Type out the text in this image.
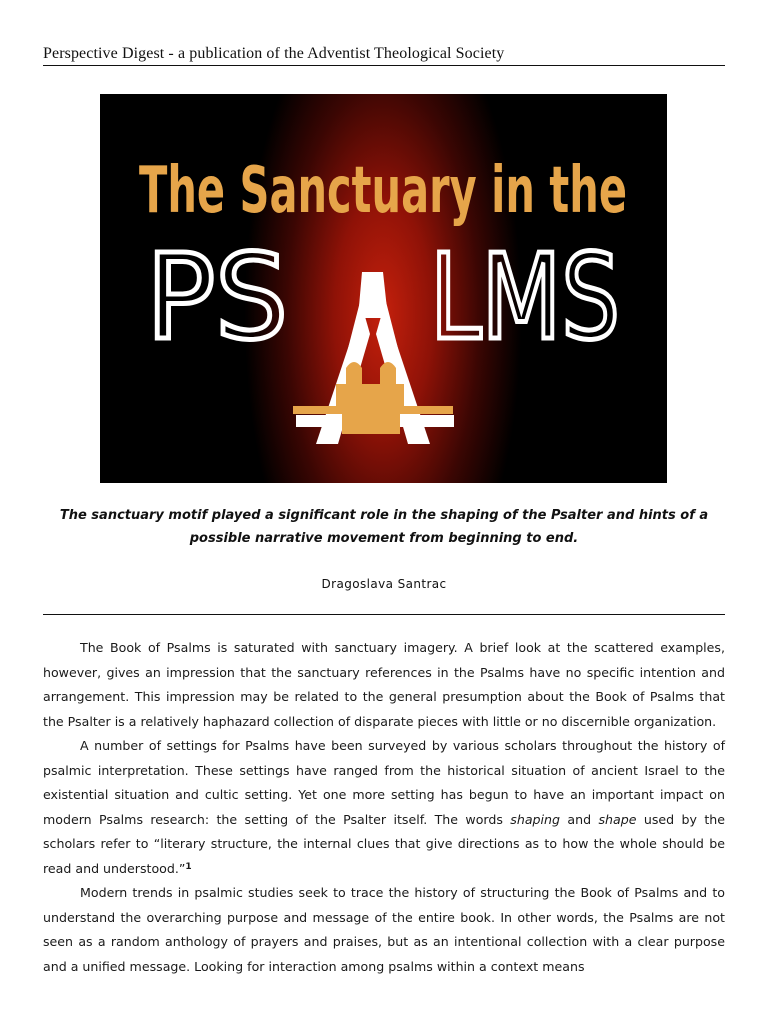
Perspective Digest - a publication of the Adventist Theological Society
The Sanctuary in the
PS LMS
The sanctuary motif played a significant role in the shaping of the Psalter and hints of a possible narrative movement from beginning to end.
Dragoslava Santrac

The Book of Psalms is saturated with sanctuary imagery. A brief look at the scattered examples, however, gives an impression that the sanctuary references in the Psalms have no specific intention and arrangement. This impression may be related to the general presumption about the Book of Psalms that the Psalter is a relatively haphazard collection of disparate pieces with little or no discernible organization.

A number of settings for Psalms have been surveyed by various scholars throughout the history of psalmic interpretation. These settings have ranged from the historical situation of ancient Israel to the existential situation and cultic setting. Yet one more setting has begun to have an important impact on modern Psalms research: the setting of the Psalter itself. The words shaping and shape used by the scholars refer to “literary structure, the internal clues that give directions as to how the whole should be read and understood.”$^1$

Modern trends in psalmic studies seek to trace the history of structuring the Book of Psalms and to understand the overarching purpose and message of the entire book. In other words, the Psalms are not seen as a random anthology of prayers and praises, but as an intentional collection with a clear purpose and a unified message. Looking for interaction among psalms within a context means
